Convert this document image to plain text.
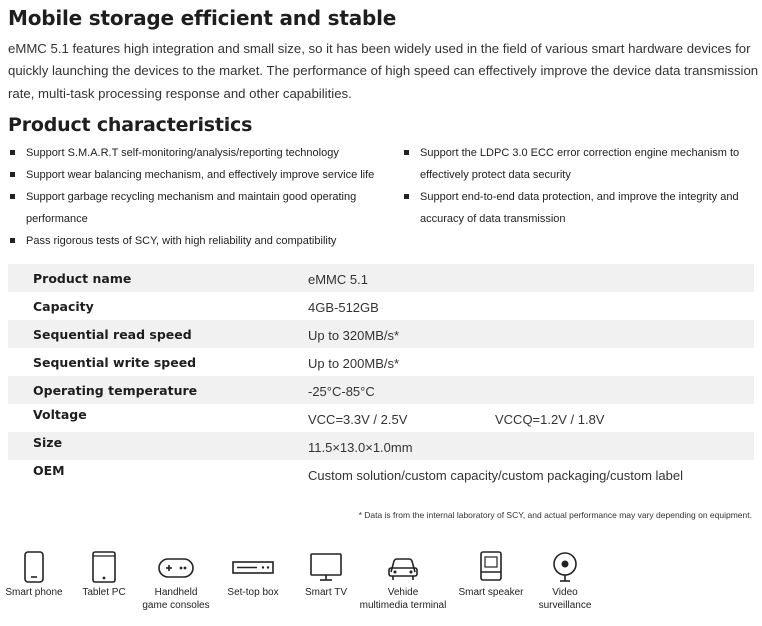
Mobile storage efficient and stable

eMMC 5.1 features high integration and small size, so it has been widely used in the field of various smart hardware devices for quickly launching the devices to the market. The performance of high speed can effectively improve the device data transmission rate, multi-task processing response and other capabilities.

Product characteristics
Support S.M.A.R.T self-monitoring/analysis/reporting technology
Support wear balancing mechanism, and effectively improve service life
Support garbage recycling mechanism and maintain good operating performance
Pass rigorous tests of SCY, with high reliability and compatibility
Support the LDPC 3.0 ECC error correction engine mechanism to effectively protect data security
Support end-to-end data protection, and improve the integrity and accuracy of data transmission
Product name	eMMC 5.1
Capacity	4GB-512GB
Sequential read speed	Up to 320MB/s*
Sequential write speed	Up to 200MB/s*
Operating temperature	-25°C-85°C
Voltage	VCC=3.3V / 2.5V	VCCQ=1.2V / 1.8V
Size	11.5×13.0×1.0mm
OEM	Custom solution/custom capacity/custom packaging/custom label

* Data is from the internal laboratory of SCY, and actual performance may vary depending on equipment.

Smart phone	Tablet PC	Handheld
game consoles
Set-top box	Smart TV	Vehide
multimedia terminal
Smart speaker	Video
surveillance
